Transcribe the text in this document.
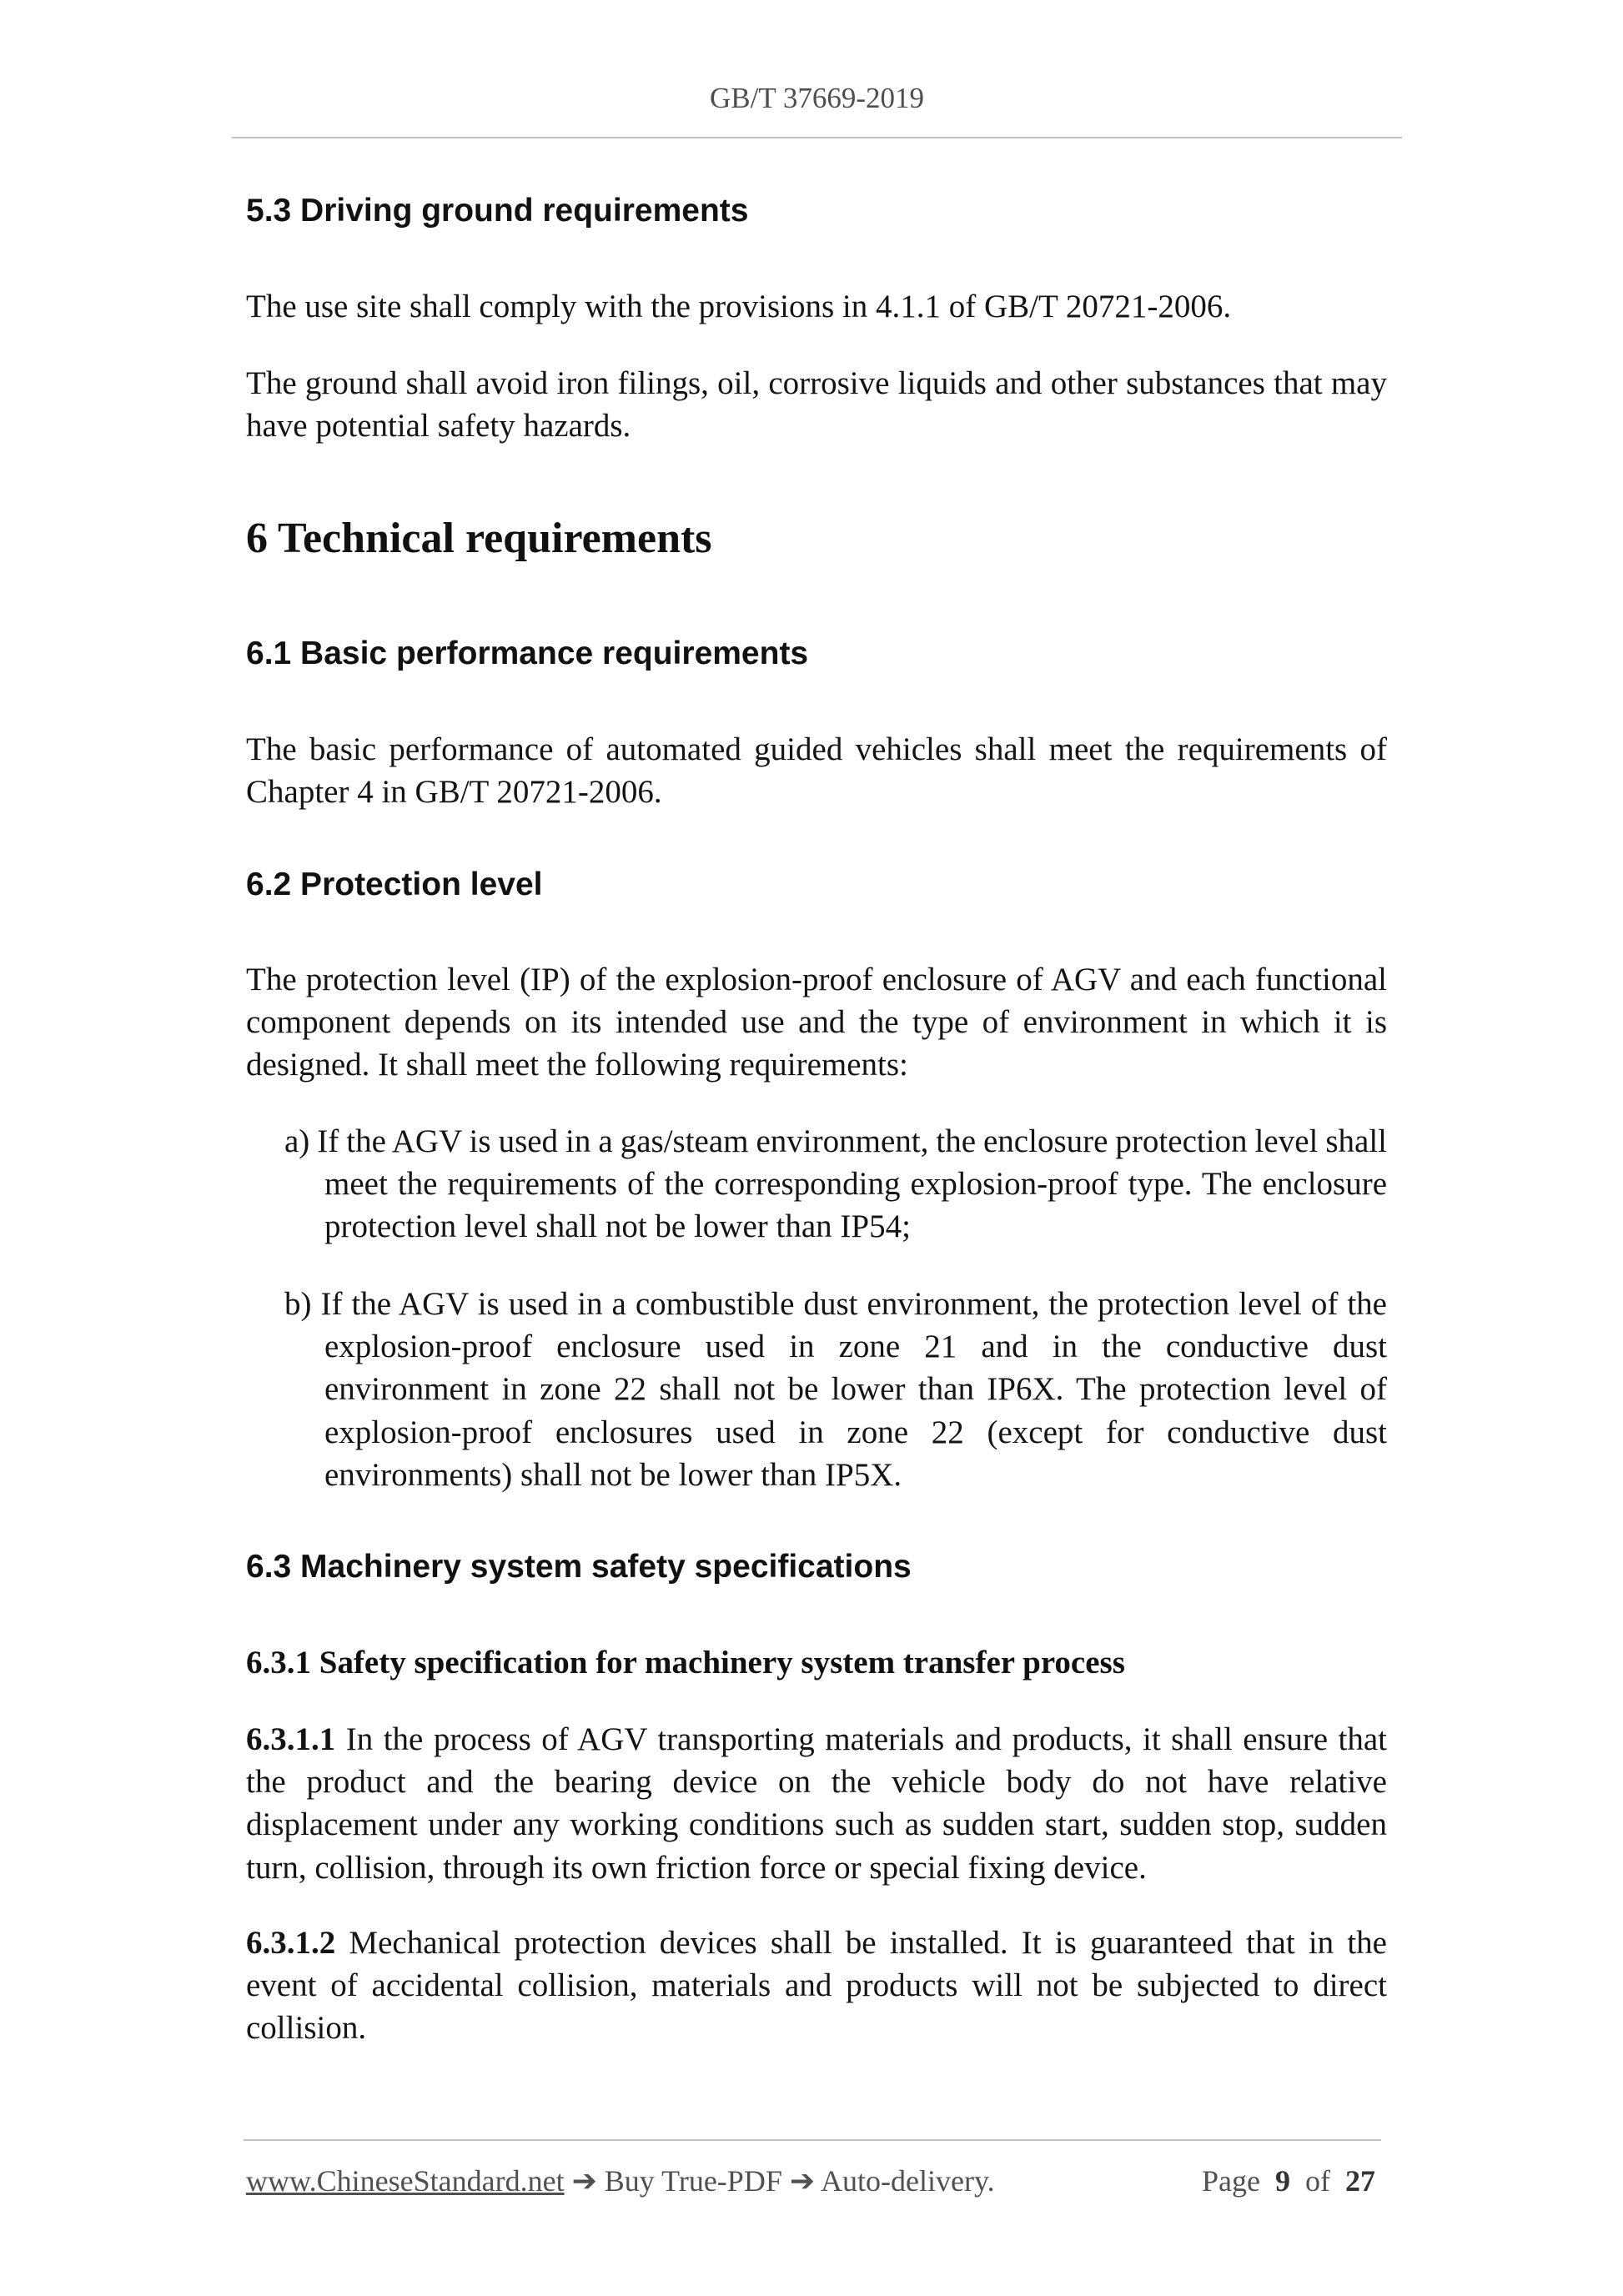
GB/T 37669-2019
5.3 Driving ground requirements
The use site shall comply with the provisions in 4.1.1 of GB/T 20721-2006.
The ground shall avoid iron filings, oil, corrosive liquids and other substances that may
have potential safety hazards.
6 Technical requirements
6.1 Basic performance requirements
The basic performance of automated guided vehicles shall meet the requirements of
Chapter 4 in GB/T 20721-2006.
6.2 Protection level
The protection level (IP) of the explosion-proof enclosure of AGV and each functional
component depends on its intended use and the type of environment in which it is
designed. It shall meet the following requirements:
a) If the AGV is used in a gas/steam environment, the enclosure protection level shall
meet the requirements of the corresponding explosion-proof type. The enclosure
protection level shall not be lower than IP54;
b) If the AGV is used in a combustible dust environment, the protection level of the
explosion-proof enclosure used in zone 21 and in the conductive dust
environment in zone 22 shall not be lower than IP6X. The protection level of
explosion-proof enclosures used in zone 22 (except for conductive dust
environments) shall not be lower than IP5X.
6.3 Machinery system safety specifications
6.3.1 Safety specification for machinery system transfer process
6.3.1.1 In the process of AGV transporting materials and products, it shall ensure that
the product and the bearing device on the vehicle body do not have relative
displacement under any working conditions such as sudden start, sudden stop, sudden
turn, collision, through its own friction force or special fixing device.
6.3.1.2 Mechanical protection devices shall be installed. It is guaranteed that in the
event of accidental collision, materials and products will not be subjected to direct
collision.
www.ChineseStandard.net ➔ Buy True-PDF ➔ Auto-delivery.	Page 9 of 27
